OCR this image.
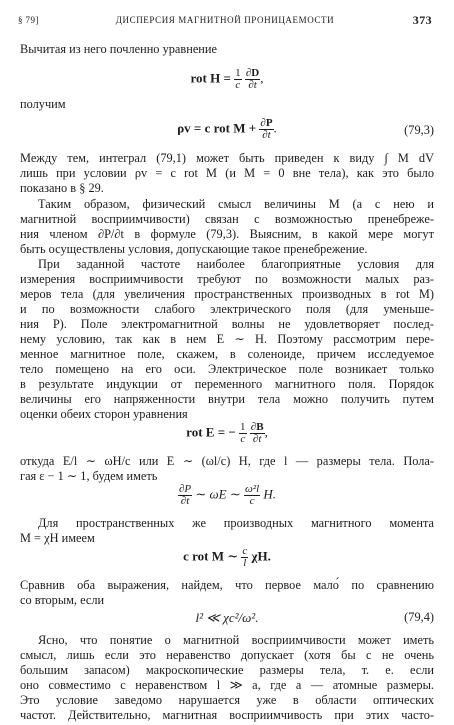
§ 79]	ДИСПЕРСИЯ МАГНИТНОЙ ПРОНИЦАЕМОСТИ	373
Вычитая из него почленно уравнение
rot $H = \frac{1}{c}$
$\frac{\partial D}{\partial t}$ ,
получим
ρv = c rot $M + \frac{\partial P}{\partial t}$ .	(79,3)
Между тем, интеграл (79,1) может быть приведен к виду ∫ M dV
лишь при условии ρv = c rot M (и M = 0 вне тела), как это было
показано в § 29.
Таким образом, физический смысл величины M (а с нею и
магнитной восприимчивости) связан с возможностью пренебреже-
ния членом ∂P/∂t в формуле (79,3). Выясним, в какой мере могут
быть осуществлены условия, допускающие такое пренебрежение.
При заданной частоте наиболее благоприятные условия для
измерения восприимчивости требуют по возможности малых раз-
меров тела (для увеличения пространственных производных в rot M)
и по возможности слабого электрического поля (для уменьше-
ния P). Поле электромагнитной волны не удовлетворяет послед-
нему условию, так как в нем E ∼ H. Поэтому рассмотрим пере-
менное магнитное поле, скажем, в соленоиде, причем исследуемое
тело помещено на его оси. Электрическое поле возникает только
в результате индукции от переменного магнитного поля. Порядок
величины его напряженности внутри тела можно получить путем
оценки обеих сторон уравнения
rot E = − $\frac{1}{c}$
$\frac{\partial B}{\partial t}$ ,
откуда E/l ∼ ωH/c или E ∼ (ωl/c) H, где l — размеры тела. Пола-
гая ε − 1 ∼ 1, будем иметь
$\frac{\partial P}{\partial t}$ ∼ ωE ∼ $\frac{\text{ω²l}}{c} H$.
Для пространственных же производных магнитного момента
M = χH имеем
c rot M ∼ $\frac{c}{l} \chi H$.
Сравнив оба выражения, найдем, что первое мало́ по сравнению
со вторым, если
l² ≪ χc²/ω².	(79,4)
Ясно, что понятие о магнитной восприимчивости может иметь
смысл, лишь если это неравенство допускает (хотя бы с не очень
большим запасом) макроскопические размеры тела, т. е. если
оно совместимо с неравенством l ≫ a, где a — атомные размеры.
Это условие заведомо нарушается уже в области оптических
частот. Действительно, магнитная восприимчивость при этих часто-
